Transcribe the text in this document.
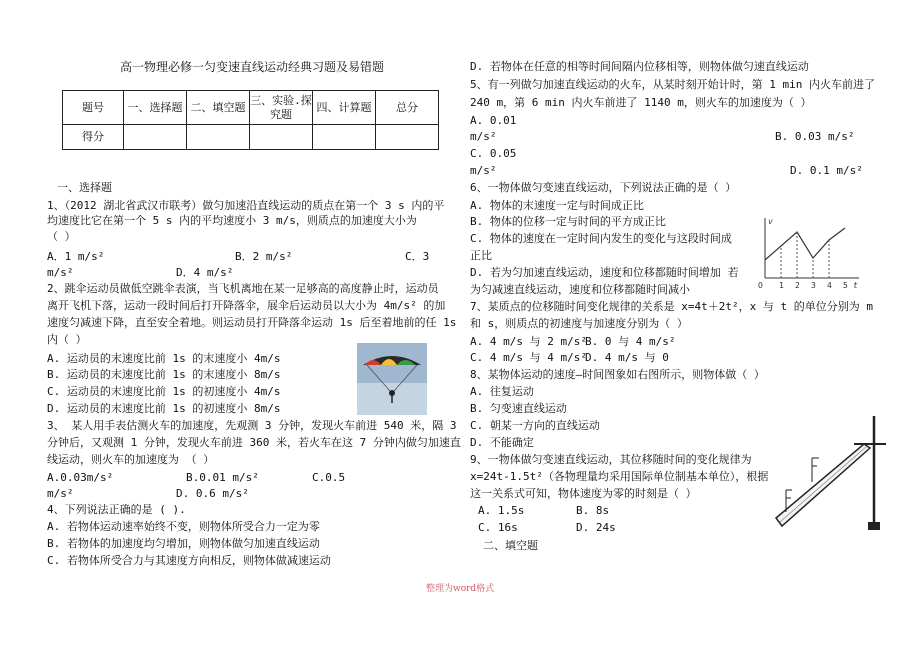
高一物理必修一匀变速直线运动经典习题及易错题
题号	一、选择题	二、填空题	三、实验.探究题	四、计算题	总分
得分					
一、选择题
1、（2012 湖北省武汉市联考）做匀加速沿直线运动的质点在第一个 3 s 内的平
均速度比它在第一个 5 s 内的平均速度小 3 m/s，则质点的加速度大小为
（ ）
A．1 m/s²	B．2 m/s²	C．3
m/s²	D．4 m/s²
2、跳伞运动员做低空跳伞表演，当飞机离地在某一足够高的高度静止时，运动员
离开飞机下落，运动一段时间后打开降落伞，展伞后运动员以大小为 4m/s² 的加
速度匀减速下降，直至安全着地。则运动员打开降落伞运动 1s 后至着地前的任 1s
内（ ）
A. 运动员的末速度比前 1s 的末速度小 4m/s
B. 运动员的末速度比前 1s 的末速度小 8m/s
C. 运动员的末速度比前 1s 的初速度小 4m/s
D. 运动员的末速度比前 1s 的初速度小 8m/s
3、 某人用手表估测火车的加速度，先观测 3 分钟，发现火车前进 540 米，隔 3
分钟后，又观测 1 分钟，发现火车前进 360 米，若火车在这 7 分钟内做匀加速直
线运动，则火车的加速度为 （ ）
A.0.03m/s²	B.0.01 m/s²	C.0.5
m/s²	D. 0.6 m/s²
4、下列说法正确的是 ( ).
A. 若物体运动速率始终不变，则物体所受合力一定为零
B. 若物体的加速度均匀增加，则物体做匀加速直线运动
C. 若物体所受合力与其速度方向相反，则物体做减速运动
D. 若物体在任意的相等时间间隔内位移相等，则物体做匀速直线运动
5、有一列做匀加速直线运动的火车，从某时刻开始计时，第 1 min 内火车前进了
240 m，第 6 min 内火车前进了 1140 m，则火车的加速度为（ ）
A. 0.01
m/s²	B. 0.03 m/s²
C. 0.05
m/s²	D. 0.1 m/s²
6、一物体做匀变速直线运动，下列说法正确的是（ ）
A. 物体的末速度一定与时间成正比
B. 物体的位移一定与时间的平方成正比
C. 物体的速度在一定时间内发生的变化与这段时间成
正比
D. 若为匀加速直线运动，速度和位移都随时间增加 若
为匀减速直线运动，速度和位移都随时间减小
7、某质点的位移随时间变化规律的关系是 x=4t＋2t²，x 与 t 的单位分别为 m
和 s，则质点的初速度与加速度分别为（ ）
A. 4 m/s 与 2 m/s²
B. 0 与 4 m/s²
C. 4 m/s 与 4 m/s²
D. 4 m/s 与 0
8、某物体运动的速度—时间图象如右图所示，则物体做（ ）
A. 往复运动
B. 匀变速直线运动
C. 朝某一方向的直线运动
D. 不能确定
9、一物体做匀变速直线运动，其位移随时间的变化规律为
x=24t-1.5t²（各物理量均采用国际单位制基本单位），根据
这一关系式可知，物体速度为零的时刻是（ ）
A. 1.5s	B. 8s
C. 16s	D. 24s
二、填空题
v
t
O 1 2 3 4 5
整理为word格式
